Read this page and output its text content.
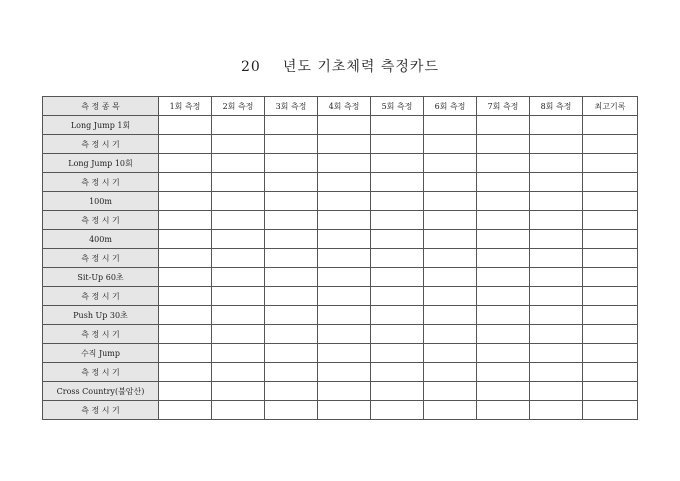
20 년도 기초체력 측정카드
측 정 종 목	1회 측정	2회 측정	3회 측정	4회 측정	5회 측정	6회 측정	7회 측정	8회 측정	최고기록
Long Jump 1회									
측 정 시 기									
Long Jump 10회									
측 정 시 기									
100m									
측 정 시 기									
400m									
측 정 시 기									
Sit-Up 60초									
측 정 시 기									
Push Up 30초									
측 정 시 기									
수직 Jump									
측 정 시 기									
Cross Country(불암산)									
측 정 시 기									
